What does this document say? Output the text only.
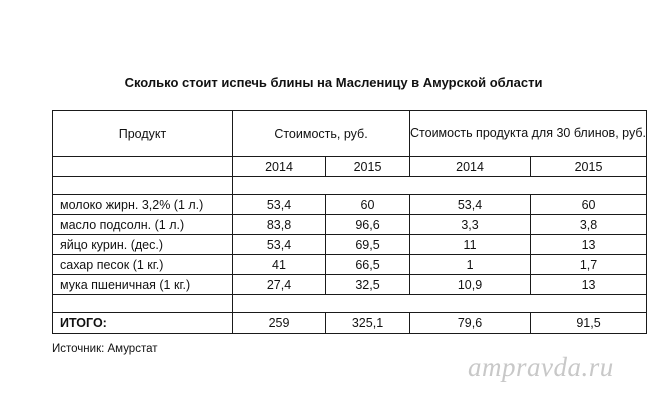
Сколько стоит испечь блины на Масленицу в Амурской области
Продукт	Стоимость, руб.		Стоимость продукта для 30 блинов, руб.	
	2014	2015	2014	2015

молоко жирн. 3,2% (1 л.)	53,4	60	53,4	60
масло подсолн. (1 л.)	83,8	96,6	3,3	3,8
яйцо курин. (дес.)	53,4	69,5	11	13
сахар песок (1 кг.)	41	66,5	1	1,7
мука пшеничная (1 кг.)	27,4	32,5	10,9	13

ИТОГО:	259	325,1	79,6	91,5
Источник: Амурстат
ampravda.ru
